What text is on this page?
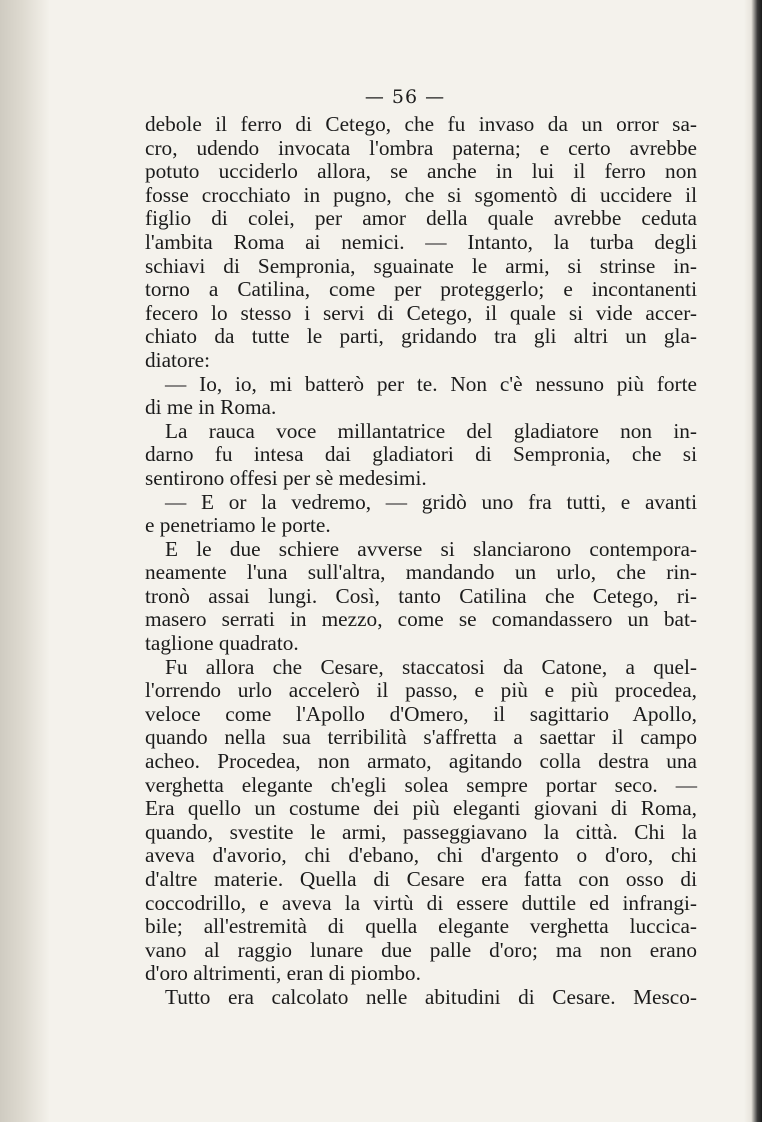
— 56 —
debole il ferro di Cetego, che fu invaso da un orror sa-
cro, udendo invocata l'ombra paterna; e certo avrebbe
potuto ucciderlo allora, se anche in lui il ferro non
fosse crocchiato in pugno, che si sgomentò di uccidere il
figlio di colei, per amor della quale avrebbe ceduta
l'ambita Roma ai nemici. — Intanto, la turba degli
schiavi di Sempronia, sguainate le armi, si strinse in-
torno a Catilina, come per proteggerlo; e incontanenti
fecero lo stesso i servi di Cetego, il quale si vide accer-
chiato da tutte le parti, gridando tra gli altri un gla-
diatore:
— Io, io, mi batterò per te. Non c'è nessuno più forte
di me in Roma.
La rauca voce millantatrice del gladiatore non in-
darno fu intesa dai gladiatori di Sempronia, che si
sentirono offesi per sè medesimi.
— E or la vedremo, — gridò uno fra tutti, e avanti
e penetriamo le porte.
E le due schiere avverse si slanciarono contempora-
neamente l'una sull'altra, mandando un urlo, che rin-
tronò assai lungi. Così, tanto Catilina che Cetego, ri-
masero serrati in mezzo, come se comandassero un bat-
taglione quadrato.
Fu allora che Cesare, staccatosi da Catone, a quel-
l'orrendo urlo accelerò il passo, e più e più procedea,
veloce come l'Apollo d'Omero, il sagittario Apollo,
quando nella sua terribilità s'affretta a saettar il campo
acheo. Procedea, non armato, agitando colla destra una
verghetta elegante ch'egli solea sempre portar seco. —
Era quello un costume dei più eleganti giovani di Roma,
quando, svestite le armi, passeggiavano la città. Chi la
aveva d'avorio, chi d'ebano, chi d'argento o d'oro, chi
d'altre materie. Quella di Cesare era fatta con osso di
coccodrillo, e aveva la virtù di essere duttile ed infrangi-
bile; all'estremità di quella elegante verghetta luccica-
vano al raggio lunare due palle d'oro; ma non erano
d'oro altrimenti, eran di piombo.
Tutto era calcolato nelle abitudini di Cesare. Mesco-
